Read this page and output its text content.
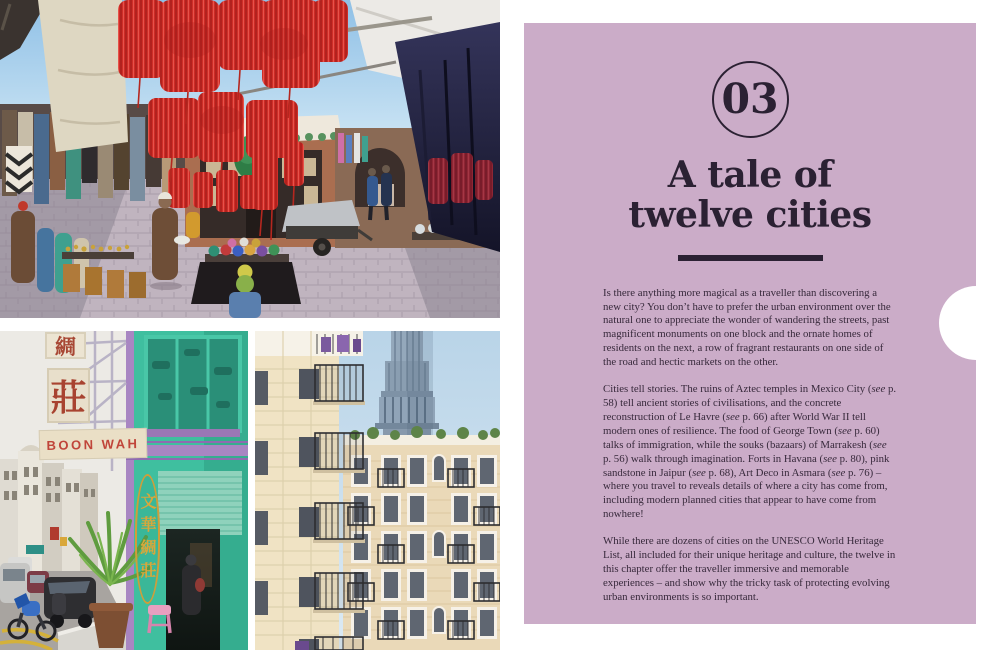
綢
莊
BOON WAH
文華綢莊
03
A tale of
twelve cities

Is there anything more magical as a traveller than discovering a new city? You don’t have to prefer the urban environment over the natural one to appreciate the wonder of wandering the streets, past magnificent monuments on one block and the ornate homes of residents on the next, a row of fragrant restaurants on one side of the road and hectic markets on the other.

Cities tell stories. The ruins of Aztec temples in Mexico City (see p. 58) tell ancient stories of civilisations, and the concrete reconstruction of Le Havre (see p. 66) after World War II tell modern ones of resilience. The food of George Town (see p. 60) talks of immigration, while the souks (bazaars) of Marrakesh (see p. 56) walk through imagination. Forts in Havana (see p. 80), pink sandstone in Jaipur (see p. 68), Art Deco in Asmara (see p. 76) – where you travel to reveals details of where a city has come from, including modern planned cities that appear to have come from nowhere!

While there are dozens of cities on the UNESCO World Heritage List, all included for their unique heritage and culture, the twelve in this chapter offer the traveller immersive and memorable experiences – and show why the tricky task of protecting evolving urban environments is so important.
